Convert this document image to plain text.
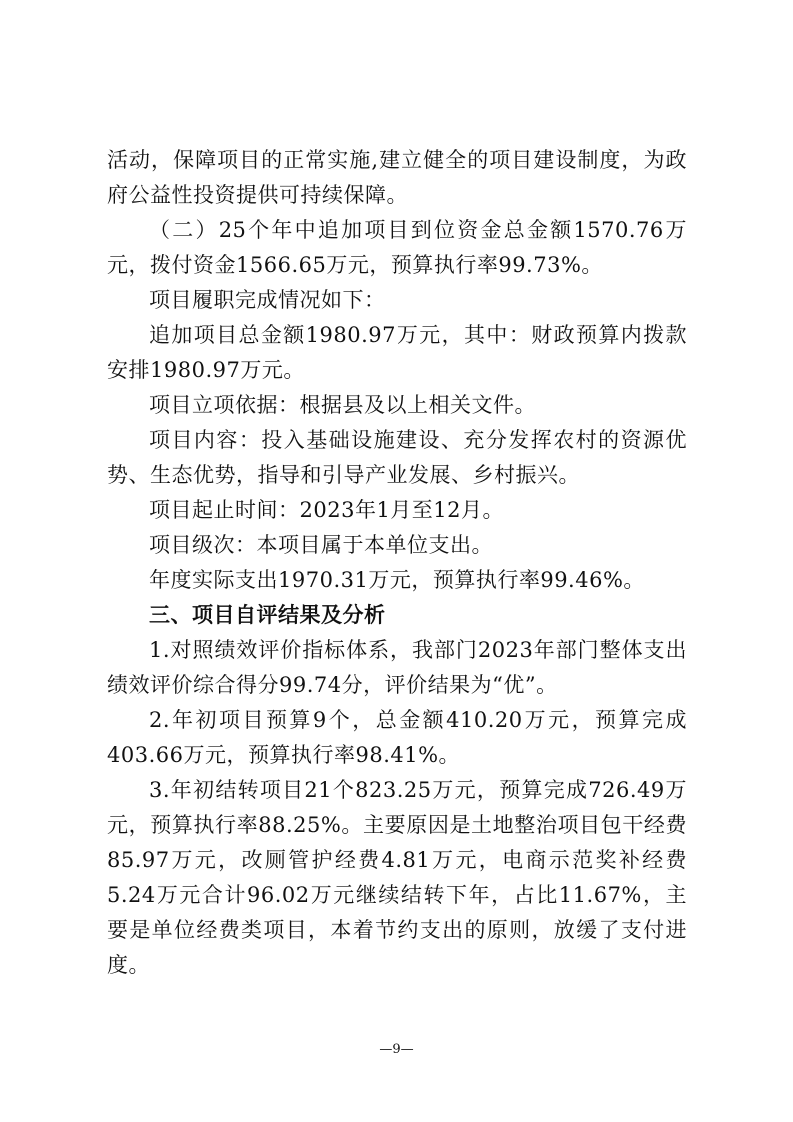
活动，保障项目的正常实施,建立健全的项目建设制度，为政府公益性投资提供可持续保障。

（二）25个年中追加项目到位资金总金额1570.76万元，拨付资金1566.65万元，预算执行率99.73%。

项目履职完成情况如下：

追加项目总金额1980.97万元，其中：财政预算内拨款安排1980.97万元。

项目立项依据：根据县及以上相关文件。

项目内容：投入基础设施建设、充分发挥农村的资源优势、生态优势，指导和引导产业发展、乡村振兴。

项目起止时间：2023年1月至12月。

项目级次：本项目属于本单位支出。

年度实际支出1970.31万元，预算执行率99.46%。

三、项目自评结果及分析

1.对照绩效评价指标体系，我部门2023年部门整体支出绩效评价综合得分99.74分，评价结果为“优”。

2.年初项目预算9个，总金额410.20万元，预算完成403.66万元，预算执行率98.41%。

3.年初结转项目21个823.25万元，预算完成726.49万元，预算执行率88.25%。主要原因是土地整治项目包干经费85.97万元，改厕管护经费4.81万元，电商示范奖补经费5.24万元合计96.02万元继续结转下年，占比11.67%，主要是单位经费类项目，本着节约支出的原则，放缓了支付进度。

—9—
